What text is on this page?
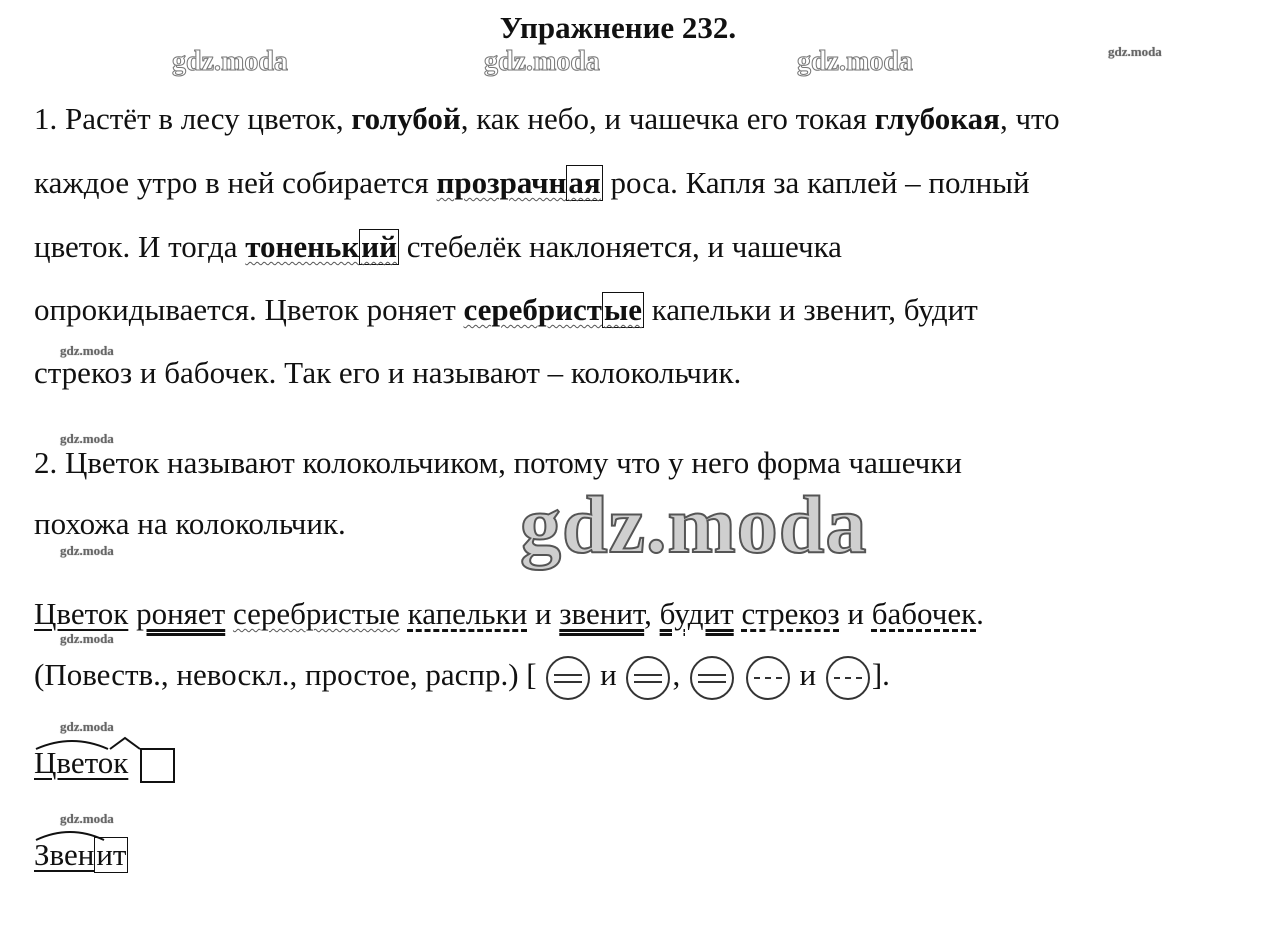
Упражнение 232.
gdz.moda	gdz.moda	gdz.moda	gdz.moda
1. Растёт в лесу цветок, голубой, как небо, и чашечка его токая глубокая, что
каждое утро в ней собирается прозрачная роса. Капля за каплей – полный
цветок. И тогда тоненький стебелёк наклоняется, и чашечка
опрокидывается. Цветок роняет серебристые капельки и звенит, будит
gdz.moda
стрекоз и бабочек. Так его и называют – колокольчик.
gdz.moda
2. Цветок называют колокольчиком, потому что у него форма чашечки
похожа на колокольчик.
gdz.moda	gdz.moda
Цветок роняет серебристые капельки и звенит, будит стрекоз и бабочек.
gdz.moda
(Повеств., невоскл., простое, распр.) [ и ,
	и ].
gdz.moda
Цветок
gdz.moda
Звенит
